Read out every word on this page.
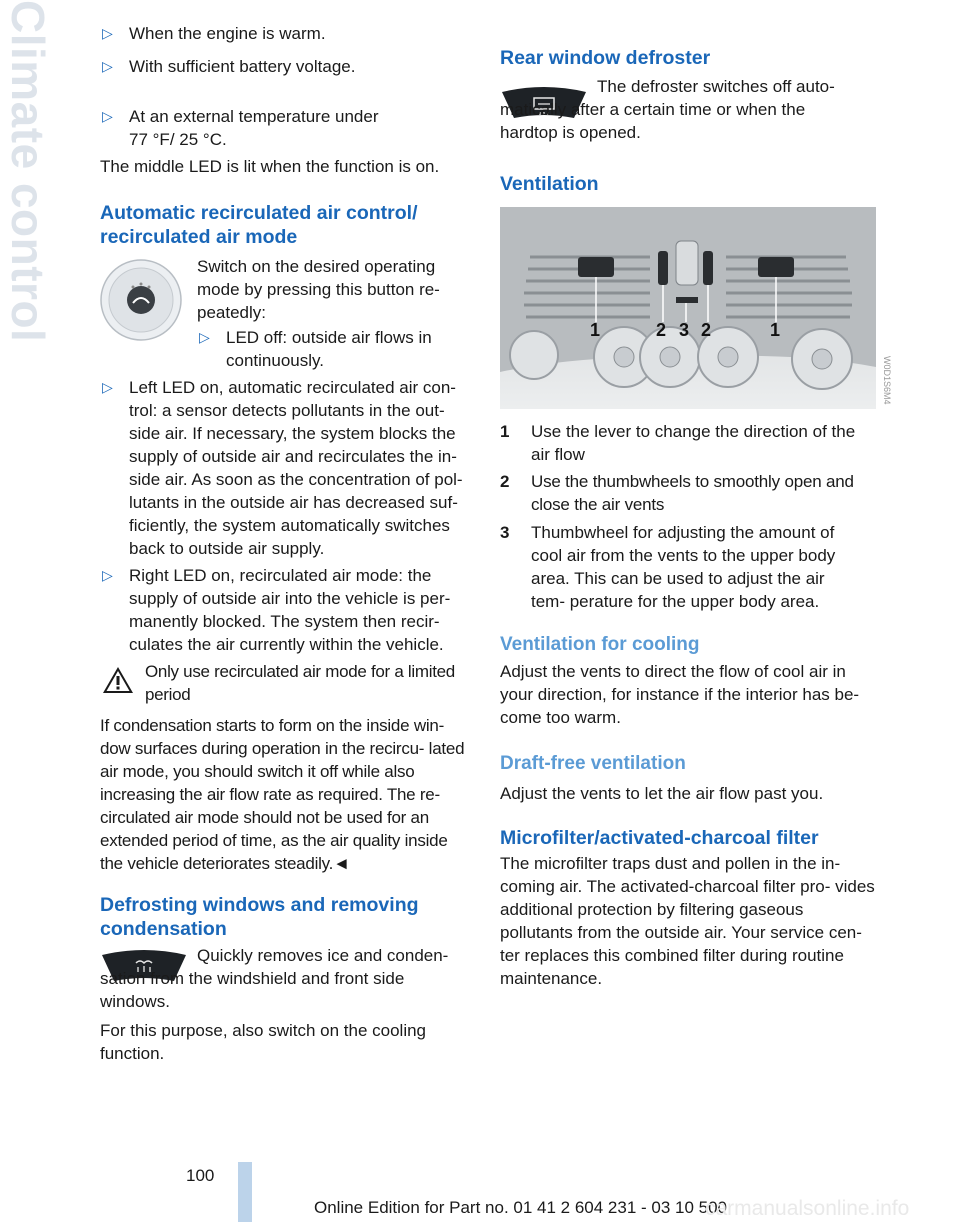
Climate control	▷ When the engine is warm.
▷ With sufficient battery voltage.
▷ At an external temperature under 77 °F/ 25 °C.

The middle LED is lit when the function is on.

Automatic recirculated air control/ recirculated air mode

Switch on the desired operating mode by pressing this button re- peatedly:

▷ LED off: outside air flows in continuously.
▷ Left LED on, automatic recirculated air con- trol: a sensor detects pollutants in the out- side air. If necessary, the system blocks the supply of outside air and recirculates the in- side air. As soon as the concentration of pol- lutants in the outside air has decreased suf- ficiently, the system automatically switches back to outside air supply.
▷ Right LED on, recirculated air mode: the supply of outside air into the vehicle is per- manently blocked. The system then recir- culates the air currently within the vehicle.

Only use recirculated air mode for a limited period

If condensation starts to form on the inside win- dow surfaces during operation in the recircu- lated air mode, you should switch it off while also increasing the air flow rate as required. The re- circulated air mode should not be used for an extended period of time, as the air quality inside the vehicle deteriorates steadily.◄

Defrosting windows and removing condensation

Quickly removes ice and conden- sation from the windshield and front side windows.

For this purpose, also switch on the cooling function.

Rear window defroster

The defroster switches off auto- matically after a certain time or when the hardtop is opened.

Ventilation
1	2 3 2	1
W0D1S6M4
1 Use the lever to change the direction of the air flow
2 Use the thumbwheels to smoothly open and close the air vents
3 Thumbwheel for adjusting the amount of cool air from the vents to the upper body area. This can be used to adjust the air tem- perature for the upper body area.
Ventilation for cooling

Adjust the vents to direct the flow of cool air in your direction, for instance if the interior has be- come too warm.

Draft-free ventilation

Adjust the vents to let the air flow past you.

Microfilter/activated-charcoal filter

The microfilter traps dust and pollen in the in- coming air. The activated-charcoal filter pro- vides additional protection by filtering gaseous pollutants from the outside air. Your service cen- ter replaces this combined filter during routine maintenance.

100
Online Edition for Part no. 01 41 2 604 231 - 03 10 500
carmanualsonline.info
